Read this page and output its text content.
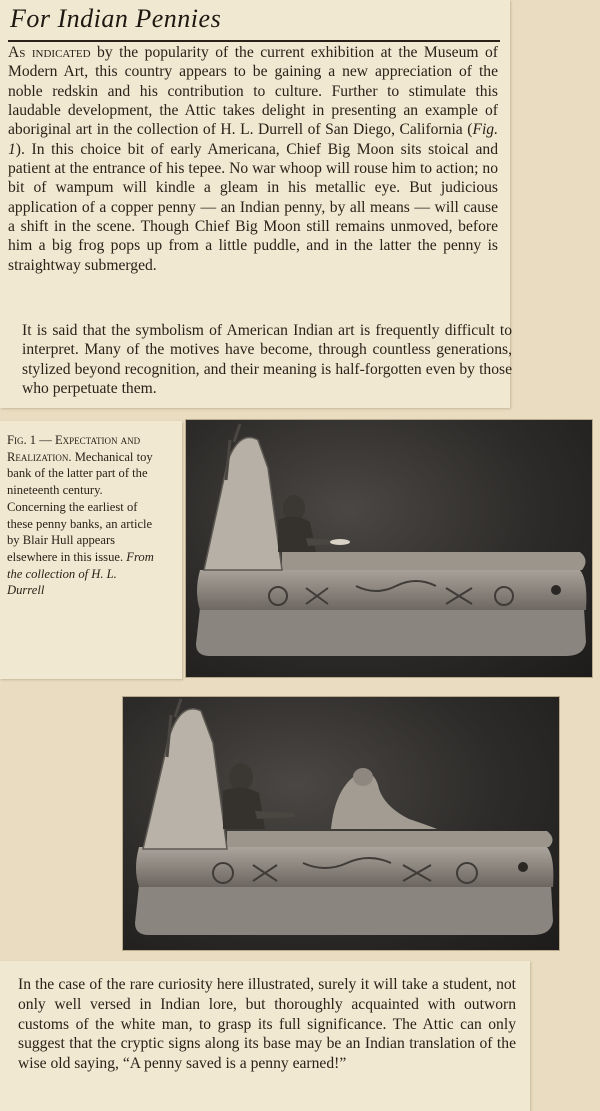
For Indian Pennies

As indicated by the popularity of the current exhibition at the Museum of Modern Art, this country appears to be gaining a new appreciation of the noble redskin and his contribution to culture. Further to stimulate this laudable development, the Attic takes delight in presenting an example of aboriginal art in the collection of H. L. Durrell of San Diego, California (Fig. 1). In this choice bit of early Americana, Chief Big Moon sits stoical and patient at the entrance of his tepee. No war whoop will rouse him to action; no bit of wampum will kindle a gleam in his metallic eye. But judicious application of a copper penny — an Indian penny, by all means — will cause a shift in the scene. Though Chief Big Moon still remains unmoved, before him a big frog pops up from a little puddle, and in the latter the penny is straightway submerged.

It is said that the symbolism of American Indian art is frequently difficult to interpret. Many of the motives have become, through countless generations, stylized beyond recognition, and their meaning is half-forgotten even by those who perpetuate them.

Fig. 1 — Expectation and Realization. Mechanical toy bank of the latter part of the nineteenth century. Concerning the earliest of these penny banks, an article by Blair Hull appears elsewhere in this issue. From the collection of H. L. Durrell

In the case of the rare curiosity here illustrated, surely it will take a student, not only well versed in Indian lore, but thoroughly acquainted with outworn customs of the white man, to grasp its full significance. The Attic can only suggest that the cryptic signs along its base may be an Indian translation of the wise old saying, “A penny saved is a penny earned!”
